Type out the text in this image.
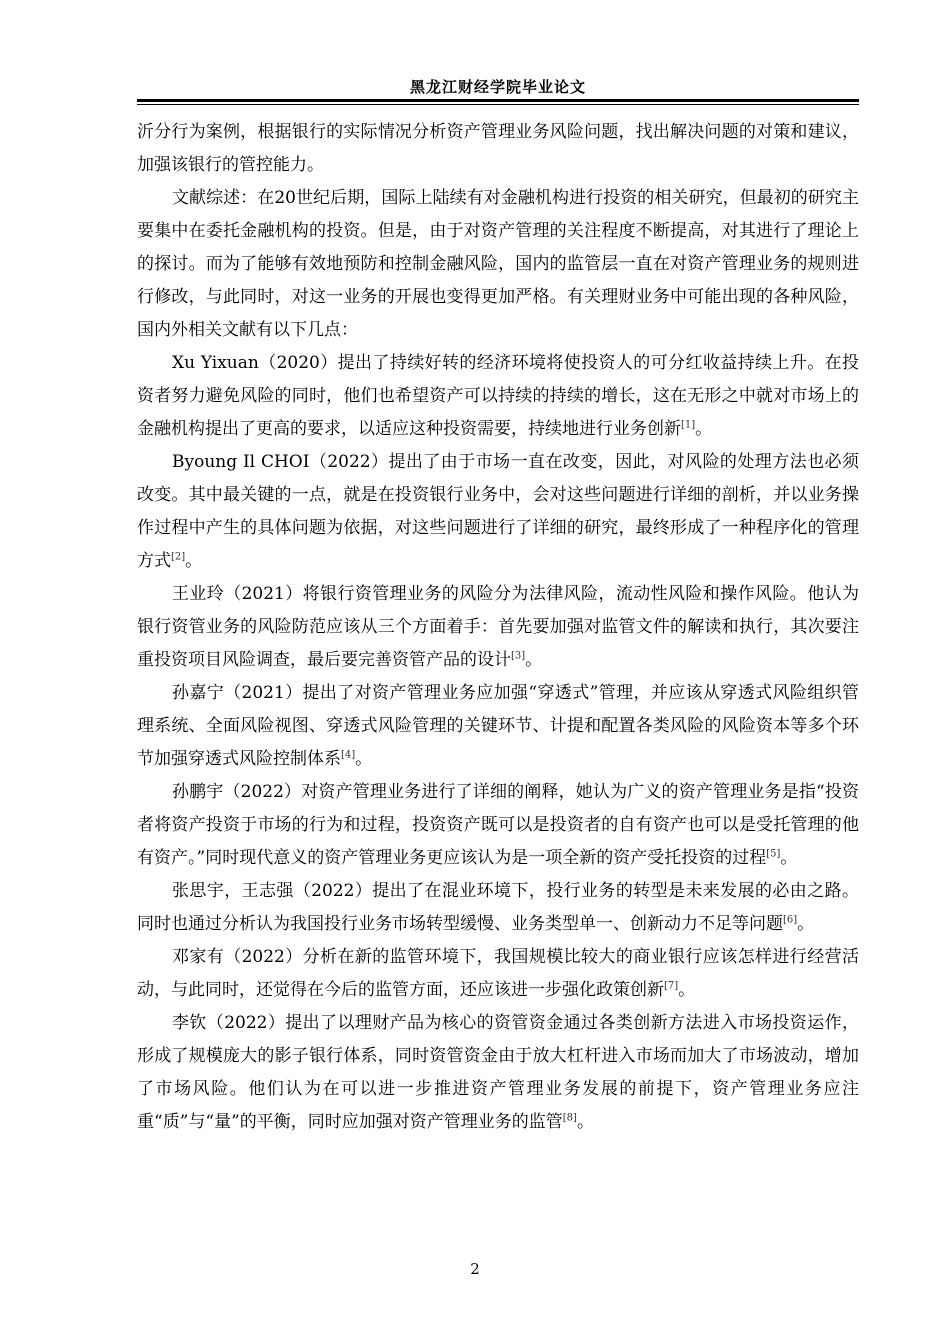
黑龙江财经学院毕业论文

沂分行为案例，根据银行的实际情况分析资产管理业务风险问题，找出解决问题的对策和建议，加强该银行的管控能力。

文献综述：在20世纪后期，国际上陆续有对金融机构进行投资的相关研究，但最初的研究主要集中在委托金融机构的投资。但是，由于对资产管理的关注程度不断提高，对其进行了理论上的探讨。而为了能够有效地预防和控制金融风险，国内的监管层一直在对资产管理业务的规则进行修改，与此同时，对这一业务的开展也变得更加严格。有关理财业务中可能出现的各种风险，国内外相关文献有以下几点：

Xu Yixuan（2020）提出了持续好转的经济环境将使投资人的可分红收益持续上升。在投资者努力避免风险的同时，他们也希望资产可以持续的持续的增长，这在无形之中就对市场上的金融机构提出了更高的要求，以适应这种投资需要，持续地进行业务创新[1]。

Byoung Il CHOI（2022）提出了由于市场一直在改变，因此，对风险的处理方法也必须改变。其中最关键的一点，就是在投资银行业务中，会对这些问题进行详细的剖析，并以业务操作过程中产生的具体问题为依据，对这些问题进行了详细的研究，最终形成了一种程序化的管理方式[2]。

王业玲（2021）将银行资管理业务的风险分为法律风险，流动性风险和操作风险。他认为银行资管业务的风险防范应该从三个方面着手：首先要加强对监管文件的解读和执行，其次要注重投资项目风险调查，最后要完善资管产品的设计[3]。

孙嘉宁（2021）提出了对资产管理业务应加强“穿透式”管理，并应该从穿透式风险组织管理系统、全面风险视图、穿透式风险管理的关键环节、计提和配置各类风险的风险资本等多个环节加强穿透式风险控制体系[4]。

孙鹏宇（2022）对资产管理业务进行了详细的阐释，她认为广义的资产管理业务是指“投资者将资产投资于市场的行为和过程，投资资产既可以是投资者的自有资产也可以是受托管理的他有资产。”同时现代意义的资产管理业务更应该认为是一项全新的资产受托投资的过程[5]。

张思宇，王志强（2022）提出了在混业环境下，投行业务的转型是未来发展的必由之路。同时也通过分析认为我国投行业务市场转型缓慢、业务类型单一、创新动力不足等问题[6]。

邓家有（2022）分析在新的监管环境下，我国规模比较大的商业银行应该怎样进行经营活动，与此同时，还觉得在今后的监管方面，还应该进一步强化政策创新[7]。

李钦（2022）提出了以理财产品为核心的资管资金通过各类创新方法进入市场投资运作，形成了规模庞大的影子银行体系，同时资管资金由于放大杠杆进入市场而加大了市场波动，增加了市场风险。他们认为在可以进一步推进资产管理业务发展的前提下，资产管理业务应注重“质”与“量”的平衡，同时应加强对资产管理业务的监管[8]。

2
